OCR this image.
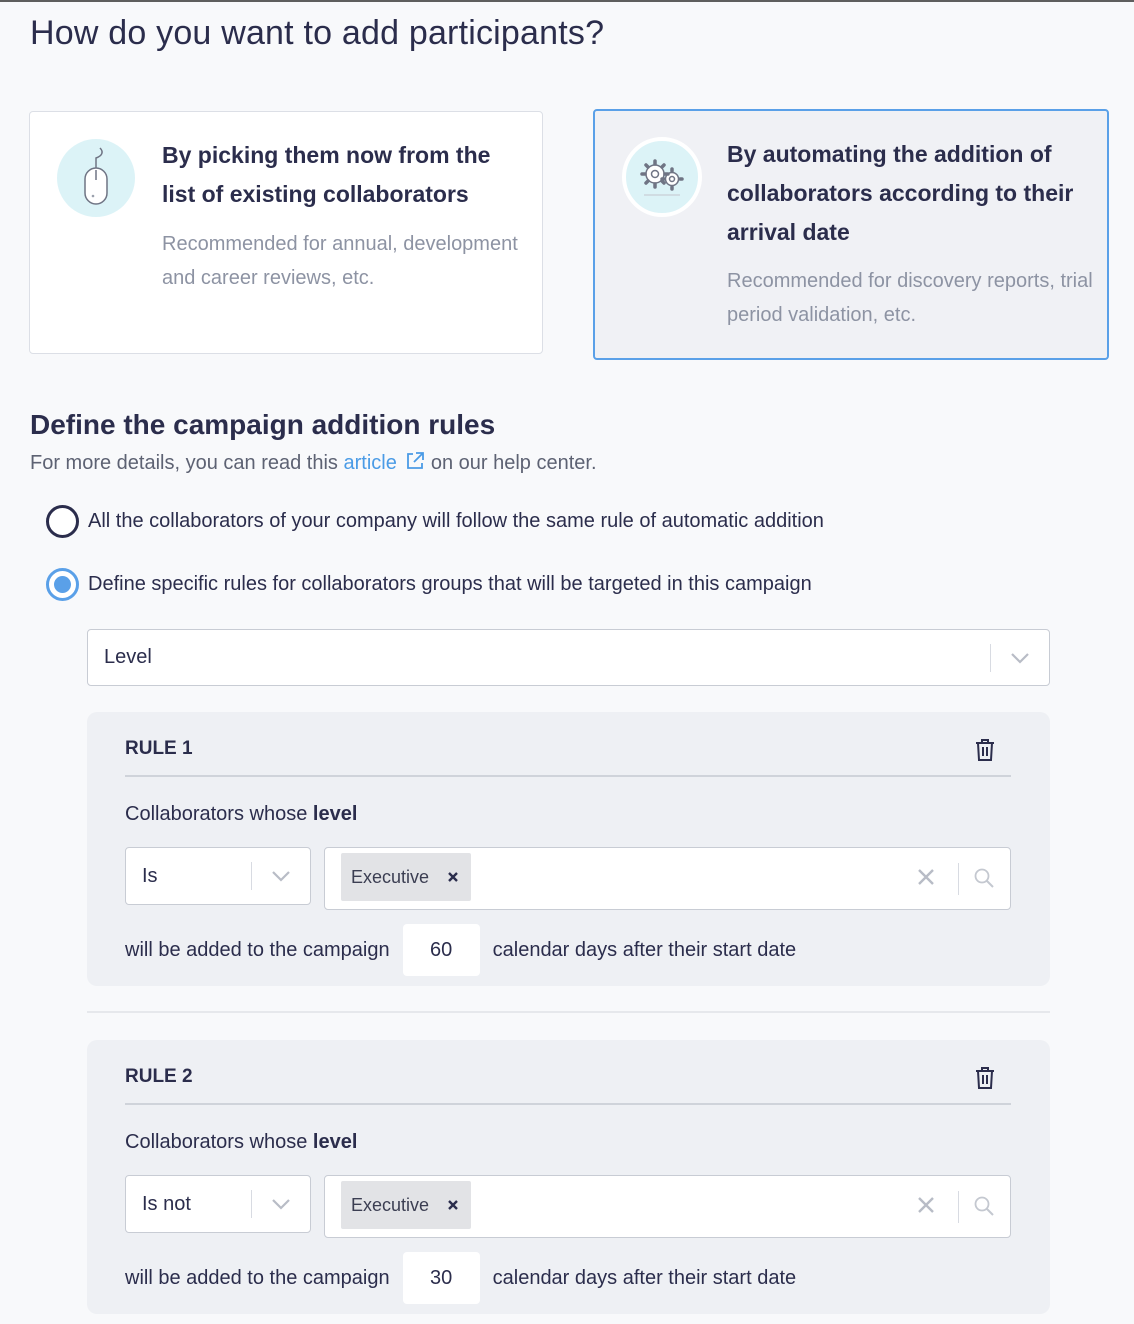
How do you want to add participants?
By picking them now from the list of existing collaborators
Recommended for annual, development and career reviews, etc.
By automating the addition of collaborators according to their arrival date
Recommended for discovery reports, trial period validation, etc.
Define the campaign addition rules
For more details, you can read this article on our help center.
All the collaborators of your company will follow the same rule of automatic addition
Define specific rules for collaborators groups that will be targeted in this campaign
Level
RULE 1
Collaborators whose level
Is	Executive
will be added to the campaign	60	calendar days after their start date
RULE 2
Collaborators whose level
Is not	Executive
will be added to the campaign	30	calendar days after their start date
